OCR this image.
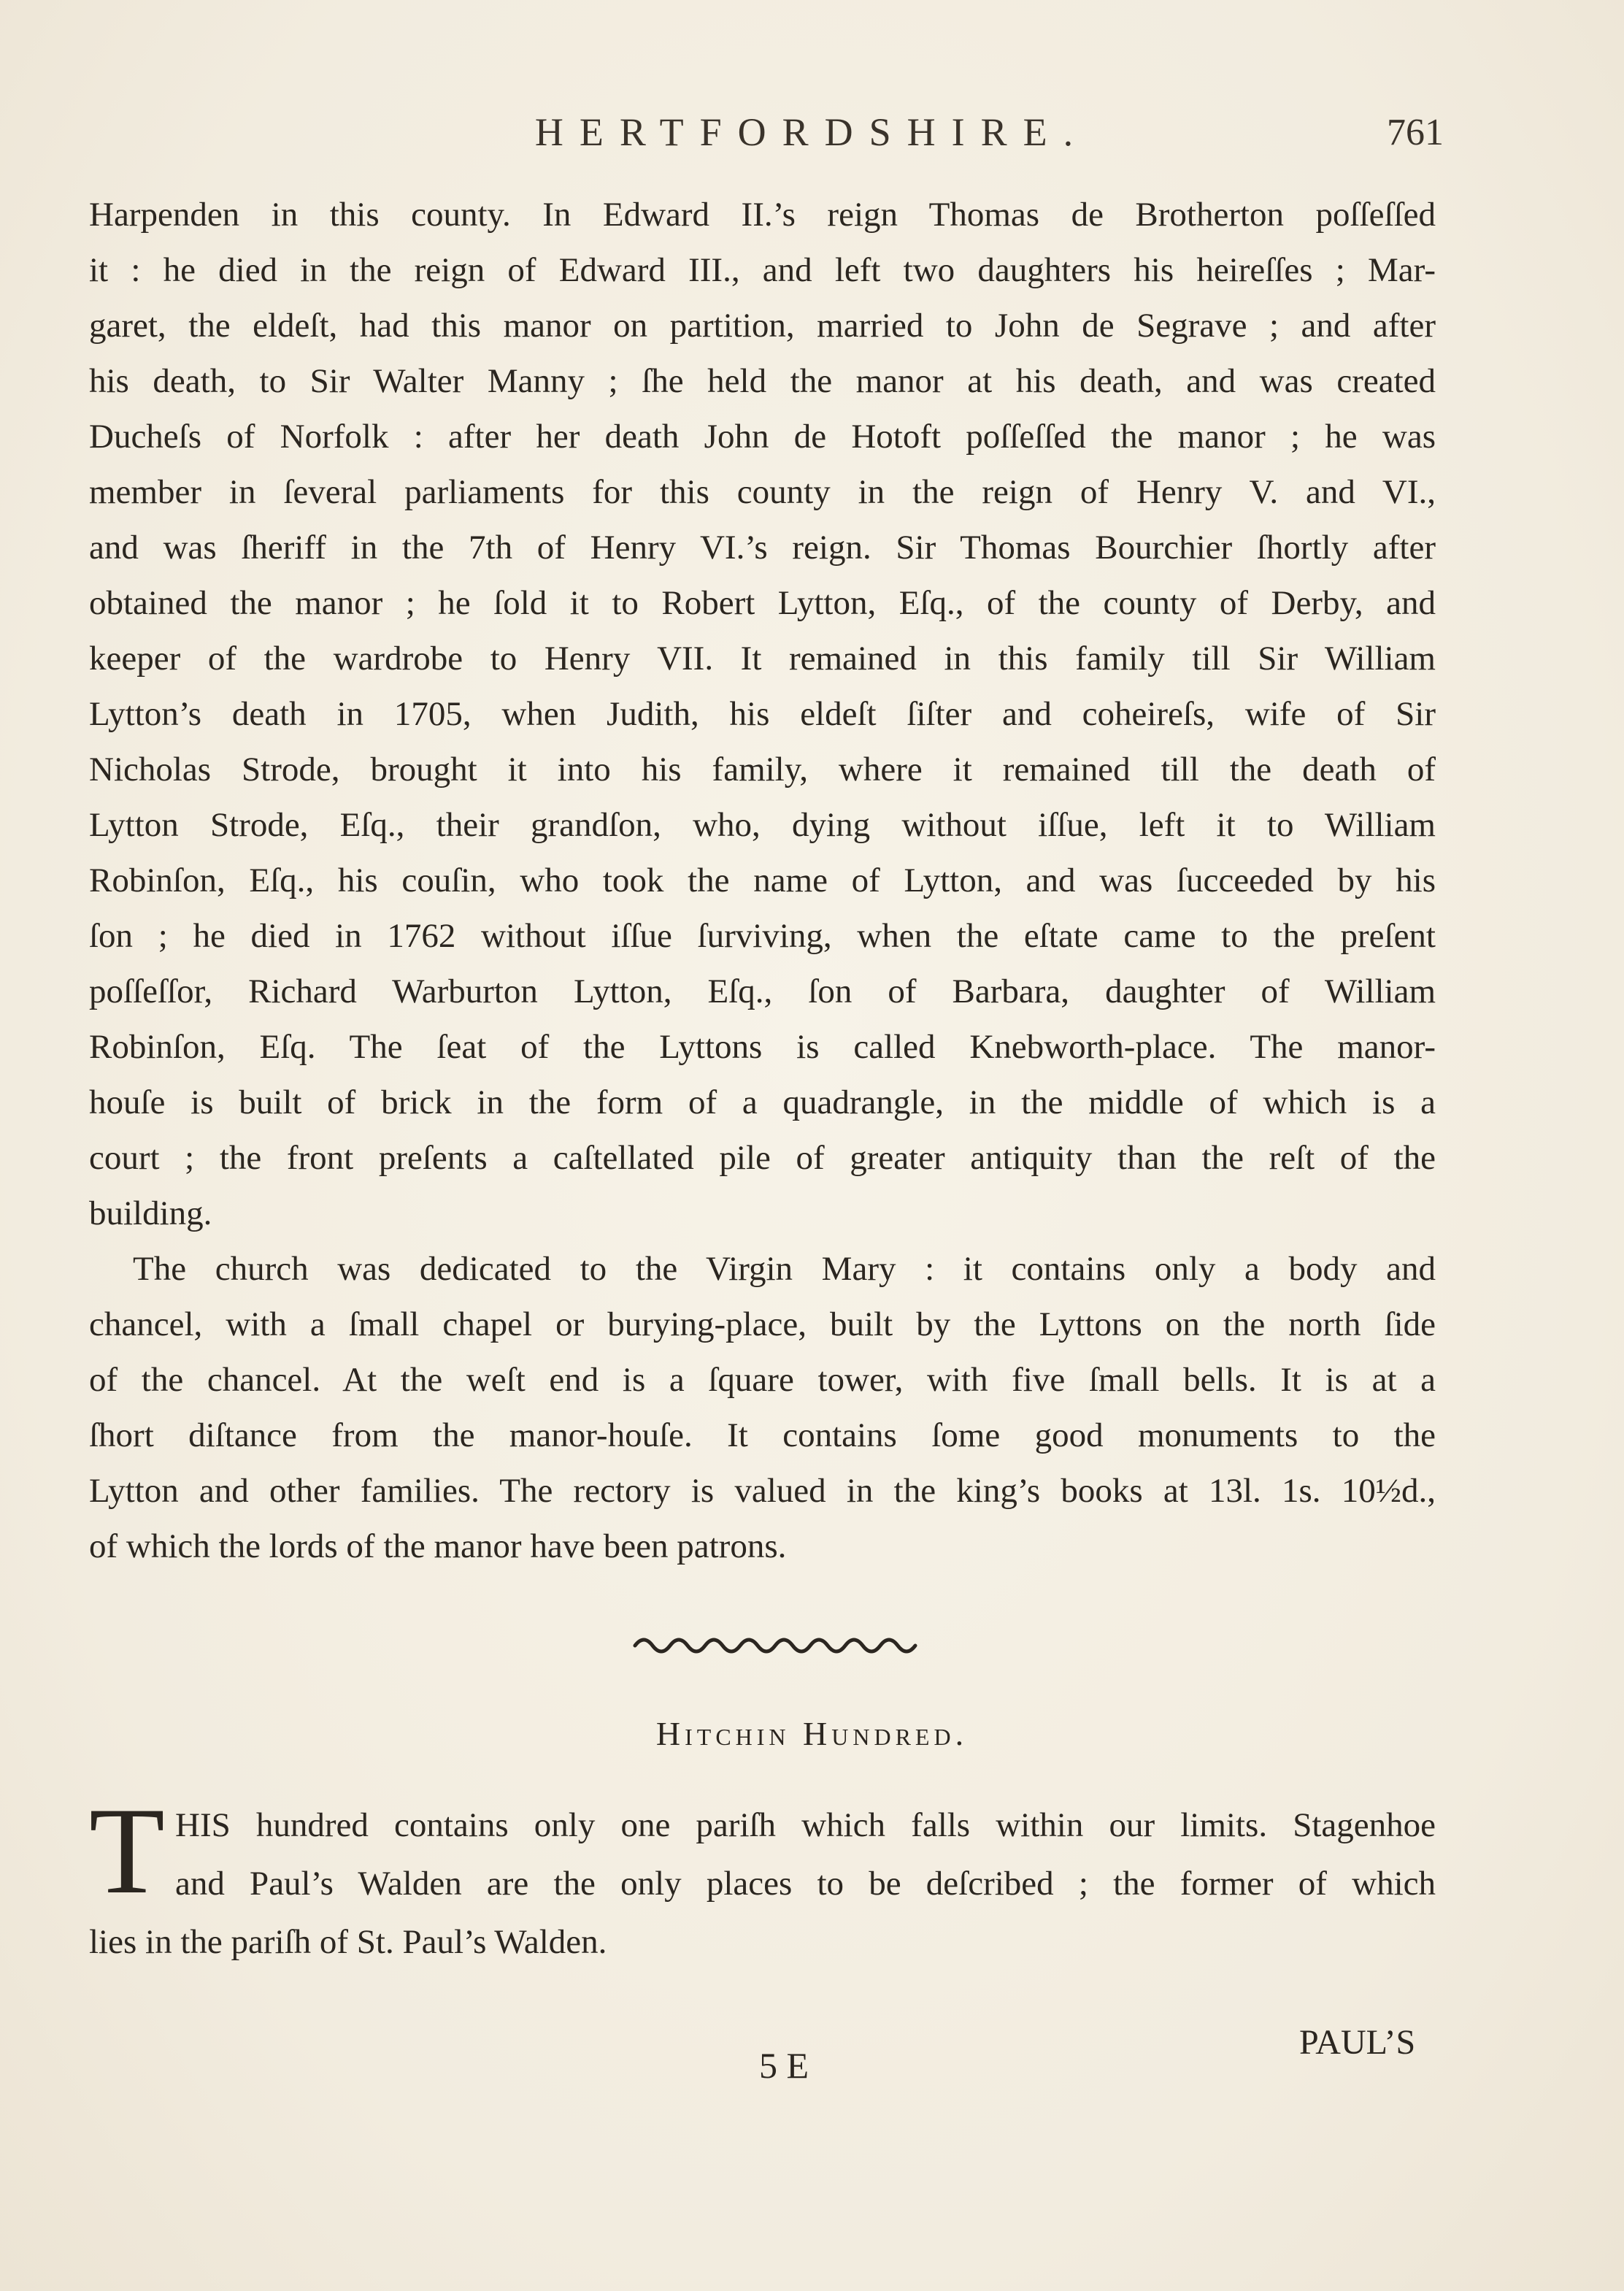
HERTFORDSHIRE.	761
Harpenden in this county. In Edward II.’s reign Thomas de Brotherton poſſeſſed
it : he died in the reign of Edward III., and left two daughters his heireſſes ; Mar-
garet, the eldeſt, had this manor on partition, married to John de Segrave ; and after
his death, to Sir Walter Manny ; ſhe held the manor at his death, and was created
Ducheſs of Norfolk : after her death John de Hotoft poſſeſſed the manor ; he was
member in ſeveral parliaments for this county in the reign of Henry V. and VI.,
and was ſheriff in the 7th of Henry VI.’s reign. Sir Thomas Bourchier ſhortly after
obtained the manor ; he ſold it to Robert Lytton, Eſq., of the county of Derby, and
keeper of the wardrobe to Henry VII. It remained in this family till Sir William
Lytton’s death in 1705, when Judith, his eldeſt ſiſter and coheireſs, wife of Sir
Nicholas Strode, brought it into his family, where it remained till the death of
Lytton Strode, Eſq., their grandſon, who, dying without iſſue, left it to William
Robinſon, Eſq., his couſin, who took the name of Lytton, and was ſucceeded by his
ſon ; he died in 1762 without iſſue ſurviving, when the eſtate came to the preſent
poſſeſſor, Richard Warburton Lytton, Eſq., ſon of Barbara, daughter of William
Robinſon, Eſq. The ſeat of the Lyttons is called Knebworth-place. The manor-
houſe is built of brick in the form of a quadrangle, in the middle of which is a
court ; the front preſents a caſtellated pile of greater antiquity than the reſt of the
building.
The church was dedicated to the Virgin Mary : it contains only a body and
chancel, with a ſmall chapel or burying-place, built by the Lyttons on the north ſide
of the chancel. At the weſt end is a ſquare tower, with five ſmall bells. It is at a
ſhort diſtance from the manor-houſe. It contains ſome good monuments to the
Lytton and other families. The rectory is valued in the king’s books at 13l. 1s. 10½d.,
of which the lords of the manor have been patrons.
Hitchin Hundred.
T HIS hundred contains only one pariſh which falls within our limits. Stagenhoe
and Paul’s Walden are the only places to be deſcribed ; the former of which
lies in the pariſh of St. Paul’s Walden.
5 E
PAUL’S
